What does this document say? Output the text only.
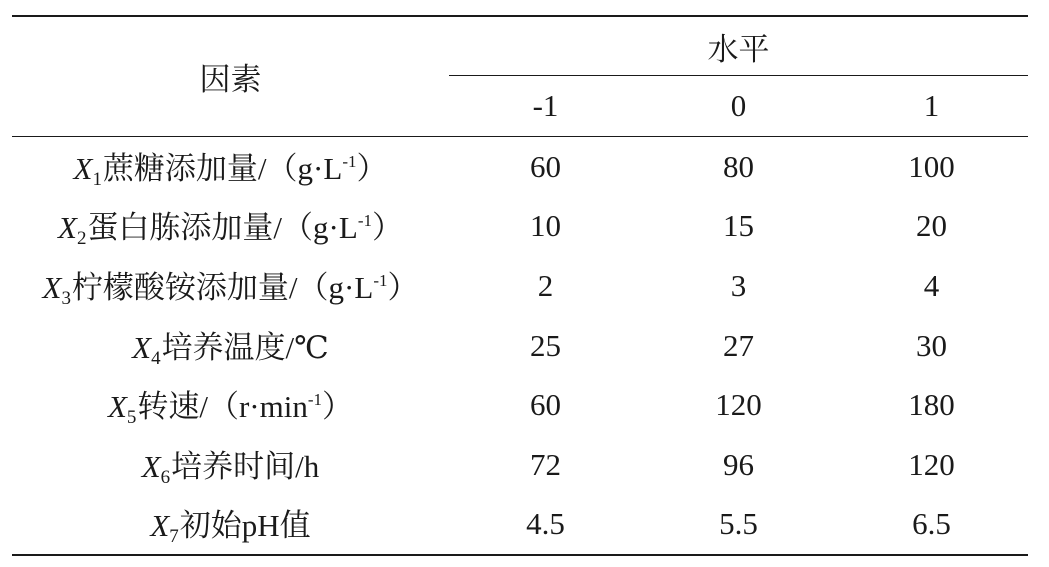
因素	水平		
	-1	0	1
X1蔗糖添加量$/(g\cdot L^{-1})$	60	80	100
X2蛋白胨添加量$/(g\cdot L^{-1})$	10	15	20
X3柠檬酸铵添加量$/(g\cdot L^{-1})$	2	3	4
X4培养温度/℃	25	27	30
X5转速$/(r\cdot\min^{-1})$	60	120	180
X6培养时间/h	72	96	120
X7初始pH值	4.5	5.5	6.5
